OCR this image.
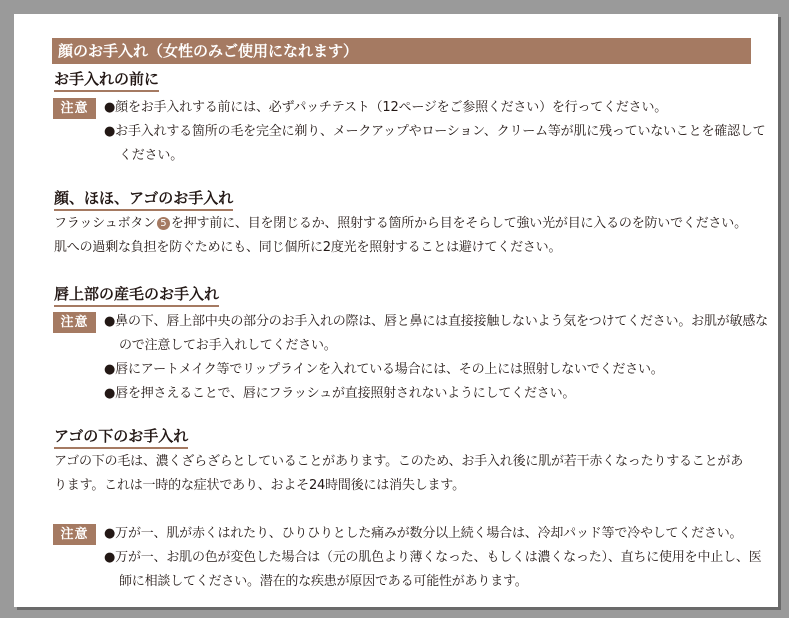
顔のお手入れ（女性のみご使用になれます）
お手入れの前に
注意	●顔をお手入れする前には、必ずパッチテスト（12ページをご参照ください）を行ってください。
●お手入れする箇所の毛を完全に剃り、メークアップやローション、クリーム等が肌に残っていないことを確認してください。
顔、ほほ、アゴのお手入れ
フラッシュボタン 5 を押す前に、目を閉じるか、照射する箇所から目をそらして強い光が目に入るのを防いでください。肌への過剰な負担を防ぐためにも、同じ個所に2度光を照射することは避けてください。
唇上部の産毛のお手入れ
注意	●鼻の下、唇上部中央の部分のお手入れの際は、唇と鼻には直接接触しないよう気をつけてください。お肌が敏感なので注意してお手入れしてください。
●唇にアートメイク等でリップラインを入れている場合には、その上には照射しないでください。
●唇を押さえることで、唇にフラッシュが直接照射されないようにしてください。
アゴの下のお手入れ
アゴの下の毛は、濃くざらざらとしていることがあります。このため、お手入れ後に肌が若干赤くなったりすることがあります。これは一時的な症状であり、およそ24時間後には消失します。
注意	●万が一、肌が赤くはれたり、ひりひりとした痛みが数分以上続く場合は、冷却パッド等で冷やしてください。
●万が一、お肌の色が変色した場合は（元の肌色より薄くなった、もしくは濃くなった）、直ちに使用を中止し、医師に相談してください。潜在的な疾患が原因である可能性があります。
